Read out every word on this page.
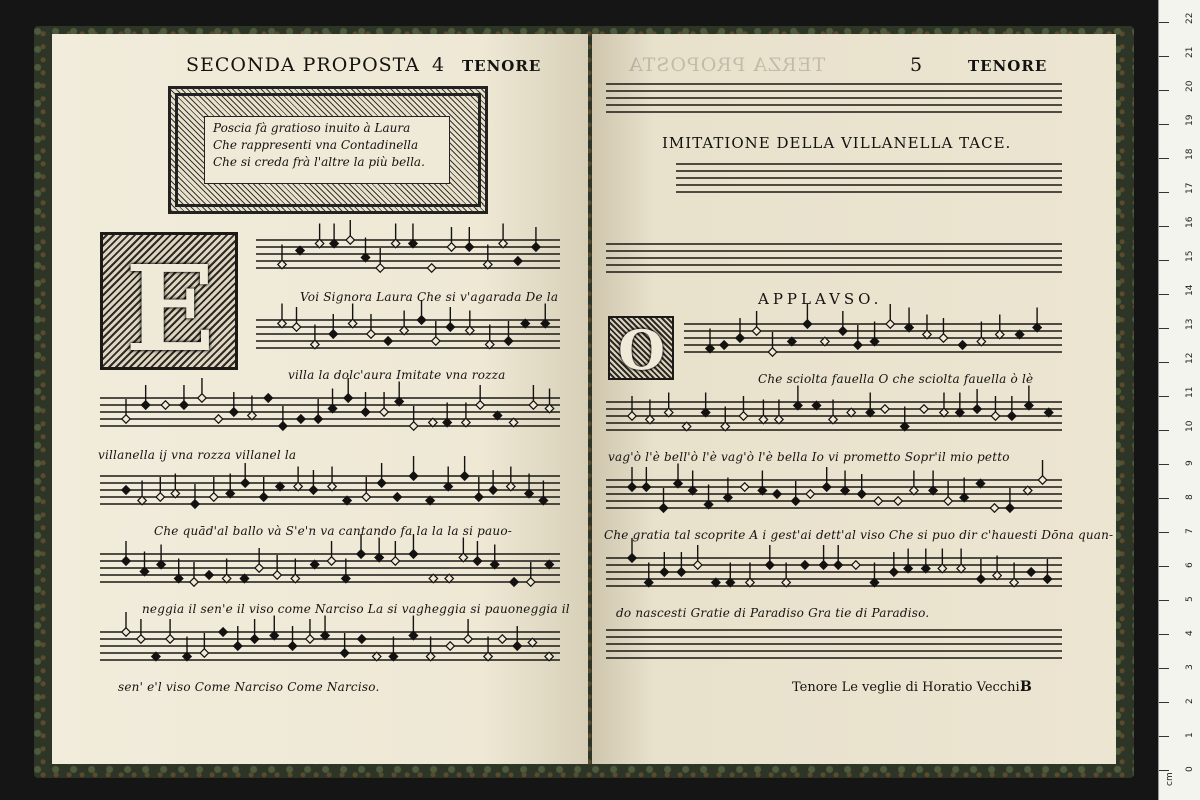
SECONDA PROPOSTA 4 TENORE
Poscia fà gratioso inuito à Laura
Che rappresenti vna Contadinella
Che si creda frà l'altre la più bella.
E	Voi Signora Laura Che si v'agarada De la
villa la dolc'aura Imitate vna rozza
villanella ij vna rozza villanel la
Che quād'al ballo và S'e'n va cantando fa la la la si pauo-
neggia il sen'e il viso come Narciso La si vagheggia si pauoneggia il
sen' e'l viso Come Narciso Come Narciso.
TERZA PROPOSTA	5	TENORE
IMITATIONE DELLA VILLANELLA TACE.
APPLAVSO.
O	Che sciolta fauella O che sciolta fauella ò lè
vag'ò l'è bell'ò l'è vag'ò l'è bella Io vi prometto Sopr'il mio petto
Che gratia tal scoprite A i gest'ai dett'al viso Che si puo dir c'hauesti Dōna quan-
do nascesti Gratie di Paradiso Gra tie di Paradiso.
Tenore Le veglie di Horatio Vecchi.
B
cm
0
1
2
3
4
5
6
7
8
9
10
11
12
13
14
15
16
17
18
19
20
21
22
